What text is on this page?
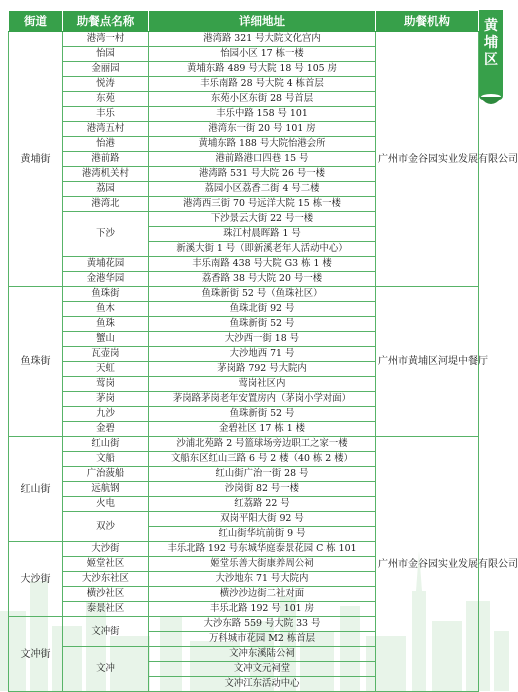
街道	助餐点名称	详细地址	助餐机构
黄埔街	港湾一村	港湾路 321 号大院文化宫内	广州市金谷园实业发展有限公司
	怡园	怡园小区 17 栋一楼	
	金丽园	黄埔东路 489 号大院 18 号 105 房	
	悦涛	丰乐南路 28 号大院 4 栋首层	
	东苑	东苑小区东街 28 号首层	
	丰乐	丰乐中路 158 号 101	
	港湾五村	港湾东一街 20 号 101 房	
	怡港	黄埔东路 188 号大院怡港会所	
	港前路	港前路港口四巷 15 号	
	港湾机关村	港湾路 531 号大院 26 号一楼	
	荔园	荔园小区荔香二街 4 号二楼	
	港湾北	港湾西三街 70 号远洋大院 15 栋一楼	
	下沙	下沙景云大街 22 号一楼	
		珠江村晨晖路 1 号	
		新溪大街 1 号（即新溪老年人活动中心）	
	黄埔花园	丰乐南路 438 号大院 G3 栋 1 楼	
	金港华园	荔香路 38 号大院 20 号一楼	
鱼珠街	鱼珠街	鱼珠新街 52 号（鱼珠社区）	广州市黄埔区河堤中餐厅
	鱼木	鱼珠北街 92 号	
	鱼珠	鱼珠新街 52 号	
	蟹山	大沙西一街 18 号	
	瓦壶岗	大沙地西 71 号	
	天虹	茅岗路 792 号大院内	
	莺岗	莺岗社区内	
	茅岗	茅岗路茅岗老年安置房内（茅岗小学对面）	
	九沙	鱼珠新街 52 号	
	金碧	金碧社区 17 栋 1 楼	
红山街	红山街	沙浦北苑路 2 号篮球场旁边职工之家一楼	广州市金谷园实业发展有限公司
	文船	文船东区红山三路 6 号 2 楼（40 栋 2 楼）	
	广治菠船	红山街广治一街 28 号	
	远航钢	沙岗街 82 号一楼	
	火电	红荔路 22 号	
	双沙	双岗平阳大街 92 号	
		红山街华坑前街 9 号	
大沙街	大沙街	丰乐北路 192 号东城华庭泰景花园 C 栋 101	
	姬堂社区	姬堂乐善大街康养周公祠	
	大沙东社区	大沙地东 71 号大院内	
	横沙社区	横沙沙边街二社对面	
	泰景社区	丰乐北路 192 号 101 房	
文冲街	文冲街	大沙东路 559 号大院 33 号	
		万科城市花园 M2 栋首层	
	文冲	文冲东溪陆公祠	
		文冲文元祠堂	
		文冲江东活动中心	
黄埔区
